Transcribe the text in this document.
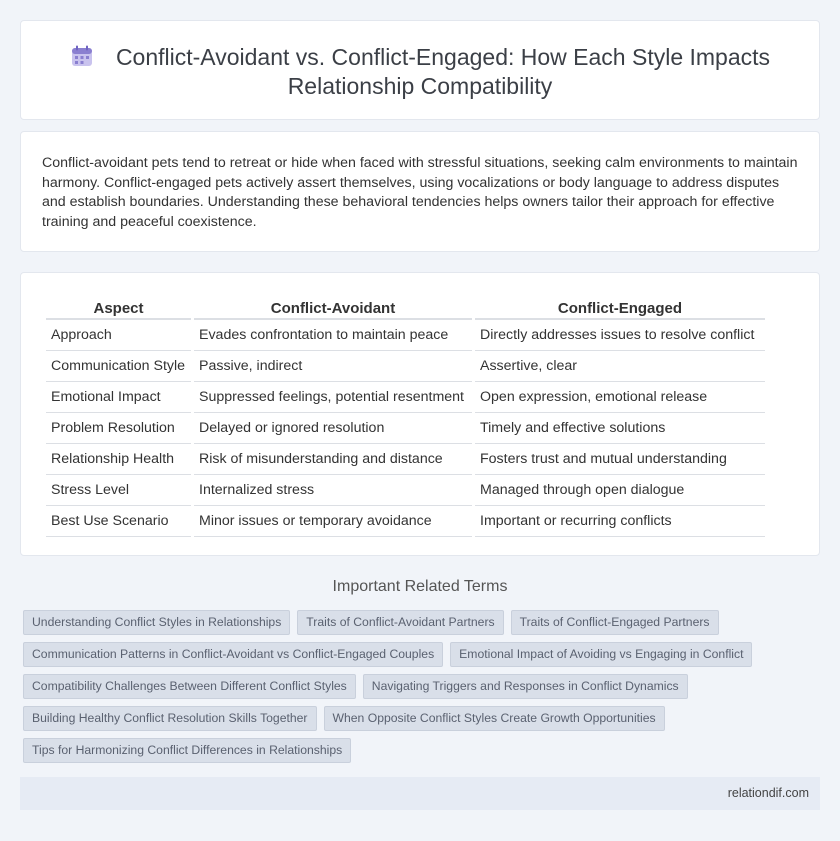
Conflict-Avoidant vs. Conflict-Engaged: How Each Style Impacts Relationship Compatibility

Conflict-avoidant pets tend to retreat or hide when faced with stressful situations, seeking calm environments to maintain harmony. Conflict-engaged pets actively assert themselves, using vocalizations or body language to address disputes and establish boundaries. Understanding these behavioral tendencies helps owners tailor their approach for effective training and peaceful coexistence.

Aspect	Conflict-Avoidant	Conflict-Engaged
Approach	Evades confrontation to maintain peace	Directly addresses issues to resolve conflict
Communication Style	Passive, indirect	Assertive, clear
Emotional Impact	Suppressed feelings, potential resentment	Open expression, emotional release
Problem Resolution	Delayed or ignored resolution	Timely and effective solutions
Relationship Health	Risk of misunderstanding and distance	Fosters trust and mutual understanding
Stress Level	Internalized stress	Managed through open dialogue
Best Use Scenario	Minor issues or temporary avoidance	Important or recurring conflicts
Important Related Terms
Understanding Conflict Styles in Relationships	Traits of Conflict-Avoidant Partners	Traits of Conflict-Engaged Partners
Communication Patterns in Conflict-Avoidant vs Conflict-Engaged Couples	Emotional Impact of Avoiding vs Engaging in Conflict
Compatibility Challenges Between Different Conflict Styles	Navigating Triggers and Responses in Conflict Dynamics
Building Healthy Conflict Resolution Skills Together	When Opposite Conflict Styles Create Growth Opportunities
Tips for Harmonizing Conflict Differences in Relationships
relationdif.com
